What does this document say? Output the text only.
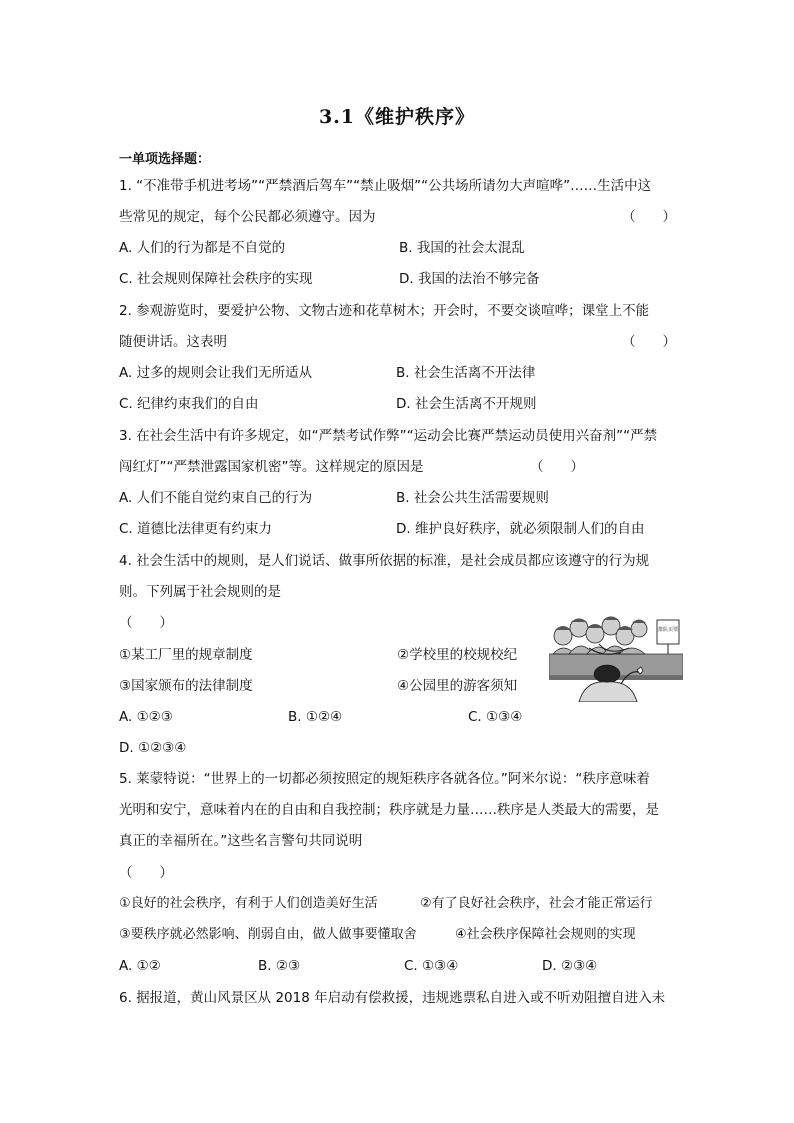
3.1《维护秩序》
一单项选择题：
1. “不准带手机进考场”“严禁酒后驾车”“禁止吸烟”“公共场所请勿大声喧哗”……生活中这
些常见的规定，每个公民都必须遵守。因为	（　　）
A. 人们的行为都是不自觉的	B. 我国的社会太混乱
C. 社会规则保障社会秩序的实现	D. 我国的法治不够完备
2. 参观游览时，要爱护公物、文物古迹和花草树木；开会时，不要交谈喧哗；课堂上不能
随便讲话。这表明	（　　）
A. 过多的规则会让我们无所适从	B. 社会生活离不开法律
C. 纪律约束我们的自由	D. 社会生活离不开规则
3. 在社会生活中有许多规定，如“严禁考试作弊”“运动会比赛严禁运动员使用兴奋剂”“严禁
闯红灯”“严禁泄露国家机密”等。这样规定的原因是	（　　）
A. 人们不能自觉约束自己的行为	B. 社会公共生活需要规则
C. 道德比法律更有约束力	D. 维护良好秩序，就必须限制人们的自由
4. 社会生活中的规则，是人们说话、做事所依据的标准，是社会成员都应该遵守的行为规
则。下列属于社会规则的是
（　　）
①某工厂里的规章制度	②学校里的校规校纪
③国家颁布的法律制度	④公园里的游客须知
A. ①②③	B. ①②④	C. ①③④
D. ①②③④
排队买票
5. 莱蒙特说：“世界上的一切都必须按照定的规矩秩序各就各位。”阿米尔说：“秩序意味着
光明和安宁，意味着内在的自由和自我控制；秩序就是力量……秩序是人类最大的需要，是
真正的幸福所在。”这些名言警句共同说明
（　　）
①良好的社会秩序，有利于人们创造美好生活	②有了良好社会秩序，社会才能正常运行
③要秩序就必然影响、削弱自由，做人做事要懂取舍	④社会秩序保障社会规则的实现
A. ①②	B. ②③	C. ①③④	D. ②③④
6. 据报道，黄山风景区从 2018 年启动有偿救援，违规逃票私自进入或不听劝阻擅自进入未
